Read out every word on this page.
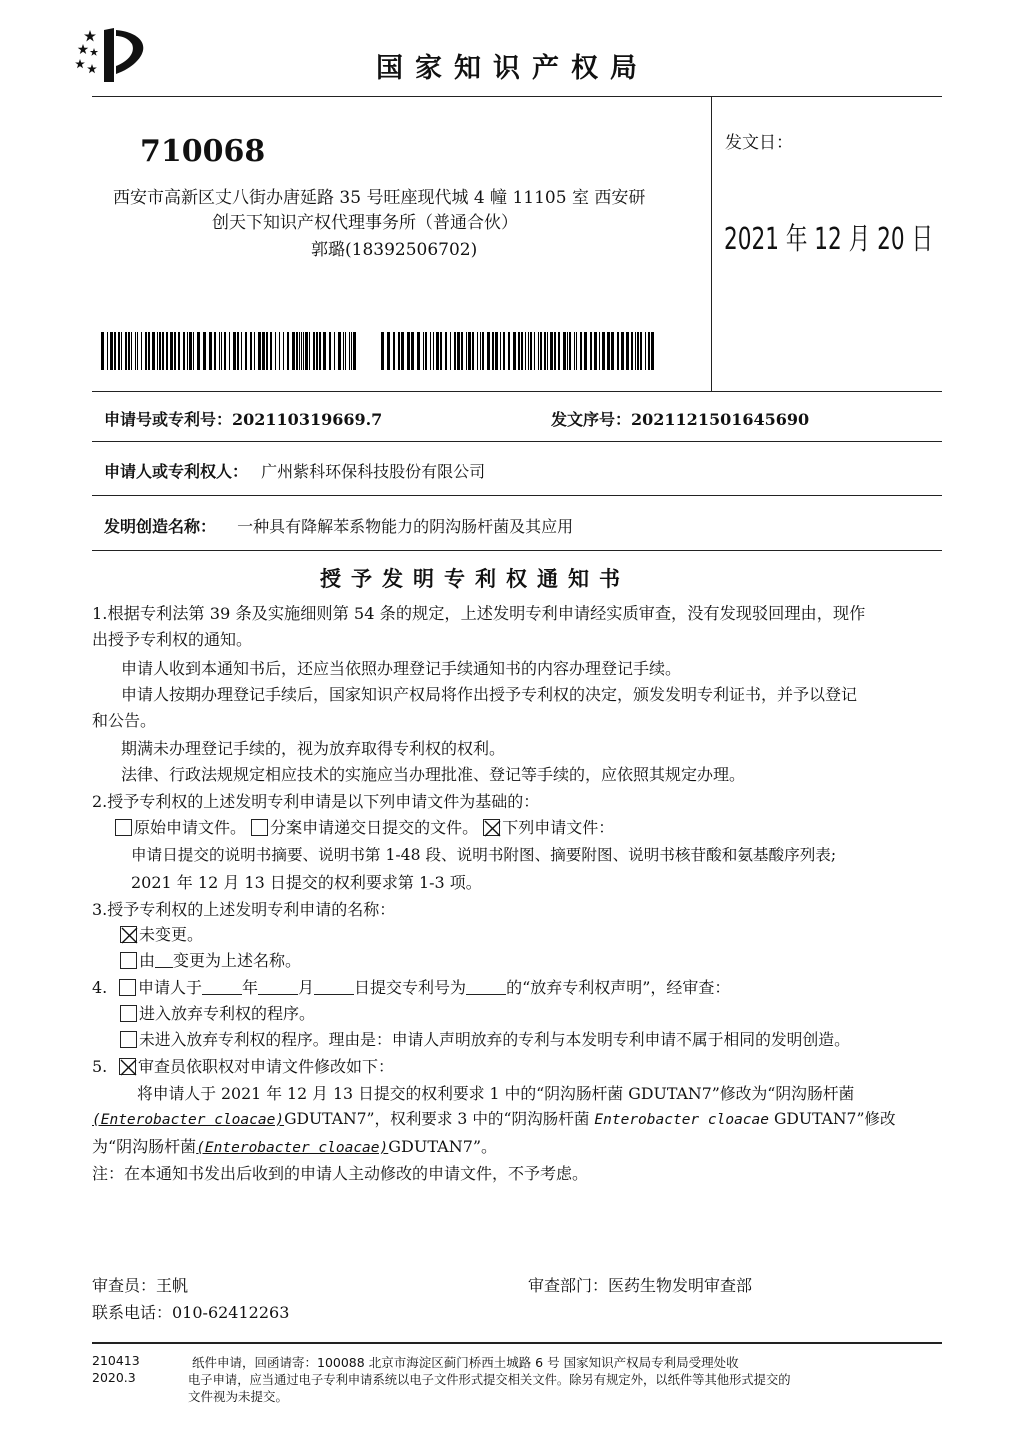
国家知识产权局
710068
西安市高新区丈八街办唐延路 35 号旺座现代城 4 幢 11105 室 西安研
创天下知识产权代理事务所（普通合伙）
郭璐(18392506702)
发文日：
2021 年 12 月 20 日
申请号或专利号：202110319669.7	发文序号：2021121501645690
申请人或专利权人： 广州紫科环保科技股份有限公司
发明创造名称： 一种具有降解苯系物能力的阴沟肠杆菌及其应用
授予发明专利权通知书
1.根据专利法第 39 条及实施细则第 54 条的规定，上述发明专利申请经实质审查，没有发现驳回理由，现作
出授予专利权的通知。
申请人收到本通知书后，还应当依照办理登记手续通知书的内容办理登记手续。
申请人按期办理登记手续后，国家知识产权局将作出授予专利权的决定，颁发发明专利证书，并予以登记
和公告。
期满未办理登记手续的，视为放弃取得专利权的权利。
法律、行政法规规定相应技术的实施应当办理批准、登记等手续的，应依照其规定办理。
2.授予专利权的上述发明专利申请是以下列申请文件为基础的：
原始申请文件。 分案申请递交日提交的文件。 下列申请文件：
申请日提交的说明书摘要、说明书第 1-48 段、说明书附图、摘要附图、说明书核苷酸和氨基酸序列表;
2021 年 12 月 13 日提交的权利要求第 1-3 项。
3.授予专利权的上述发明专利申请的名称：
未变更。
由 变更为上述名称。
4. 申请人于	年	月	日提交专利号为	的“放弃专利权声明”，经审查：
进入放弃专利权的程序。
未进入放弃专利权的程序。理由是：申请人声明放弃的专利与本发明专利申请不属于相同的发明创造。
5. 审查员依职权对申请文件修改如下：
将申请人于 2021 年 12 月 13 日提交的权利要求 1 中的“阴沟肠杆菌 GDUTAN7”修改为“阴沟肠杆菌
(Enterobacter cloacae)GDUTAN7”，权利要求 3 中的“阴沟肠杆菌 Enterobacter cloacae GDUTAN7”修改
为“阴沟肠杆菌(Enterobacter cloacae)GDUTAN7”。
注：在本通知书发出后收到的申请人主动修改的申请文件，不予考虑。
审查员：王帆	审查部门：医药生物发明审查部
联系电话：010-62412263
210413
2020.3
纸件申请，回函请寄：100088 北京市海淀区蓟门桥西土城路 6 号 国家知识产权局专利局受理处收
电子申请，应当通过电子专利申请系统以电子文件形式提交相关文件。除另有规定外，以纸件等其他形式提交的
文件视为未提交。
